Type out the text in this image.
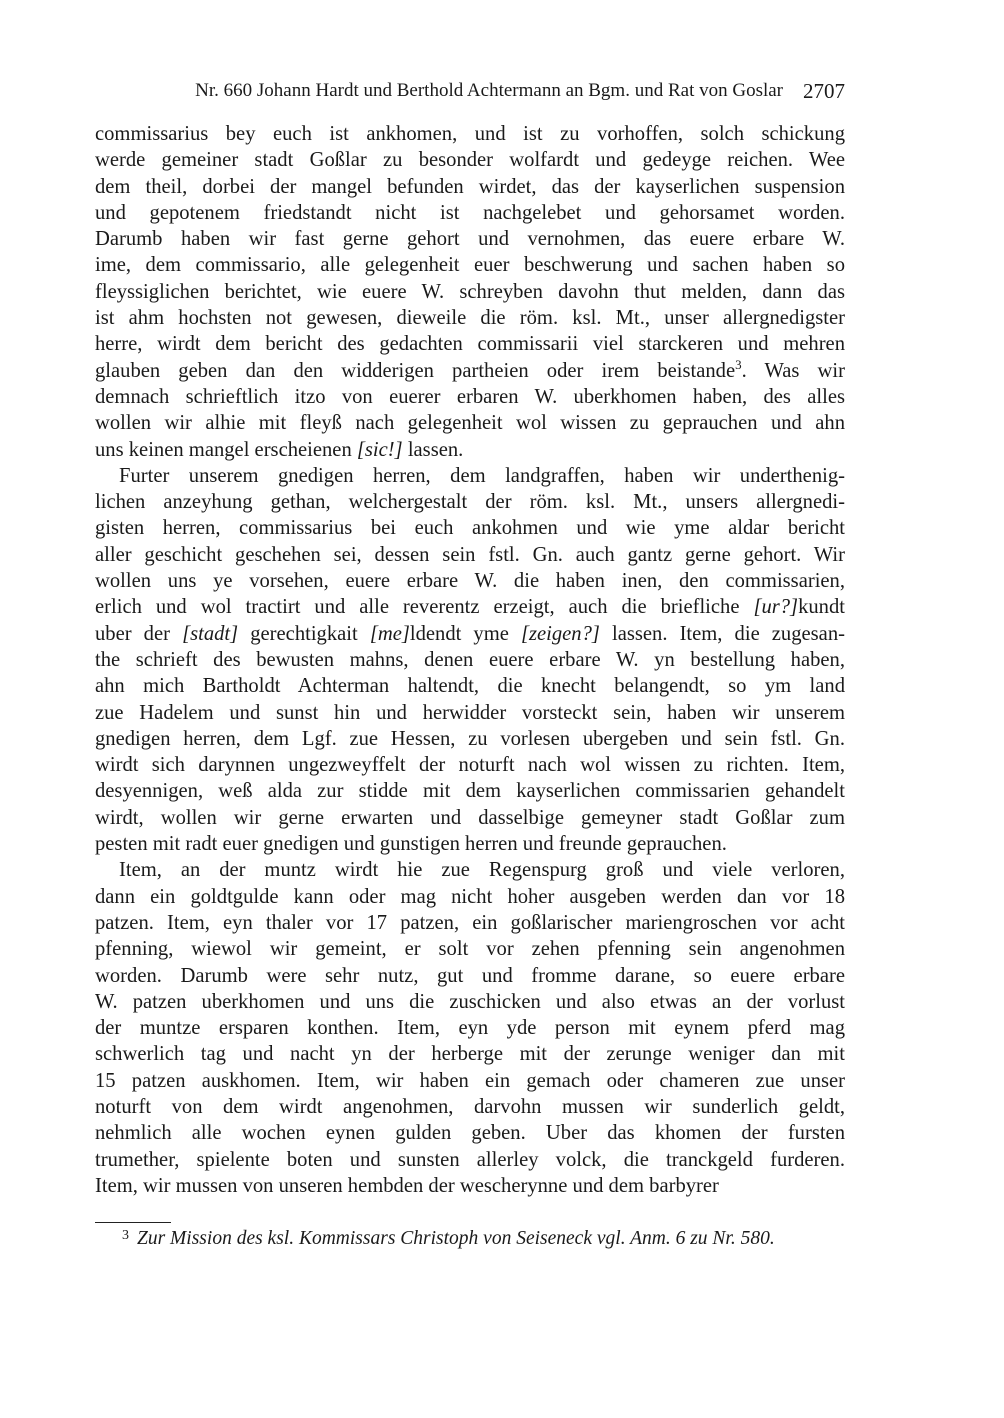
Nr. 660 Johann Hardt und Berthold Achtermann an Bgm. und Rat von Goslar 2707
commissarius bey euch ist ankhomen, und ist zu vorhoffen, solch schickung
werde gemeiner stadt Goßlar zu besonder wolfardt und gedeyge reichen. Wee
dem theil, dorbei der mangel befunden wirdet, das der kayserlichen suspension
und gepotenem friedstandt nicht ist nachgelebet und gehorsamet worden.
Darumb haben wir fast gerne gehort und vernohmen, das euere erbare W.
ime, dem commissario, alle gelegenheit euer beschwerung und sachen haben so
fleyssiglichen berichtet, wie euere W. schreyben davohn thut melden, dann das
ist ahm hochsten not gewesen, dieweile die röm. ksl. Mt., unser allergnedigster
herre, wirdt dem bericht des gedachten commissarii viel starckeren und mehren
glauben geben dan den widderigen partheien oder irem beistande$^3$. Was wir
demnach schrieftlich itzo von euerer erbaren W. uberkhomen haben, des alles
wollen wir alhie mit fleyß nach gelegenheit wol wissen zu geprauchen und ahn
uns keinen mangel erscheienen [sic!] lassen.
Furter unserem gnedigen herren, dem landgraffen, haben wir underthenig-
lichen anzeyhung gethan, welchergestalt der röm. ksl. Mt., unsers allergnedi-
gisten herren, commissarius bei euch ankohmen und wie yme aldar bericht
aller geschicht geschehen sei, dessen sein fstl. Gn. auch gantz gerne gehort. Wir
wollen uns ye vorsehen, euere erbare W. die haben inen, den commissarien,
erlich und wol tractirt und alle reverentz erzeigt, auch die briefliche [ur?]kundt
uber der [stadt] gerechtigkait [me]ldendt yme [zeigen?] lassen. Item, die zugesan-
the schrieft des bewusten mahns, denen euere erbare W. yn bestellung haben,
ahn mich Bartholdt Achterman haltendt, die knecht belangendt, so ym land
zue Hadelem und sunst hin und herwidder vorsteckt sein, haben wir unserem
gnedigen herren, dem Lgf. zue Hessen, zu vorlesen ubergeben und sein fstl. Gn.
wirdt sich darynnen ungezweyffelt der noturft nach wol wissen zu richten. Item,
desyennigen, weß alda zur stidde mit dem kayserlichen commissarien gehandelt
wirdt, wollen wir gerne erwarten und dasselbige gemeyner stadt Goßlar zum
pesten mit radt euer gnedigen und gunstigen herren und freunde geprauchen.
Item, an der muntz wirdt hie zue Regenspurg groß und viele verloren,
dann ein goldtgulde kann oder mag nicht hoher ausgeben werden dan vor 18
patzen. Item, eyn thaler vor 17 patzen, ein goßlarischer mariengroschen vor acht
pfenning, wiewol wir gemeint, er solt vor zehen pfenning sein angenohmen
worden. Darumb were sehr nutz, gut und fromme darane, so euere erbare
W. patzen uberkhomen und uns die zuschicken und also etwas an der vorlust
der muntze ersparen konthen. Item, eyn yde person mit eynem pferd mag
schwerlich tag und nacht yn der herberge mit der zerunge weniger dan mit
15 patzen auskhomen. Item, wir haben ein gemach oder chameren zue unser
noturft von dem wirdt angenohmen, darvohn mussen wir sunderlich geldt,
nehmlich alle wochen eynen gulden geben. Uber das khomen der fursten
trumether, spielente boten und sunsten allerley volck, die tranckgeld furderen.
Item, wir mussen von unseren hembden der wescherynne und dem barbyrer
$^3$ Zur Mission des ksl. Kommissars Christoph von Seiseneck vgl. Anm. 6 zu Nr. 580.
